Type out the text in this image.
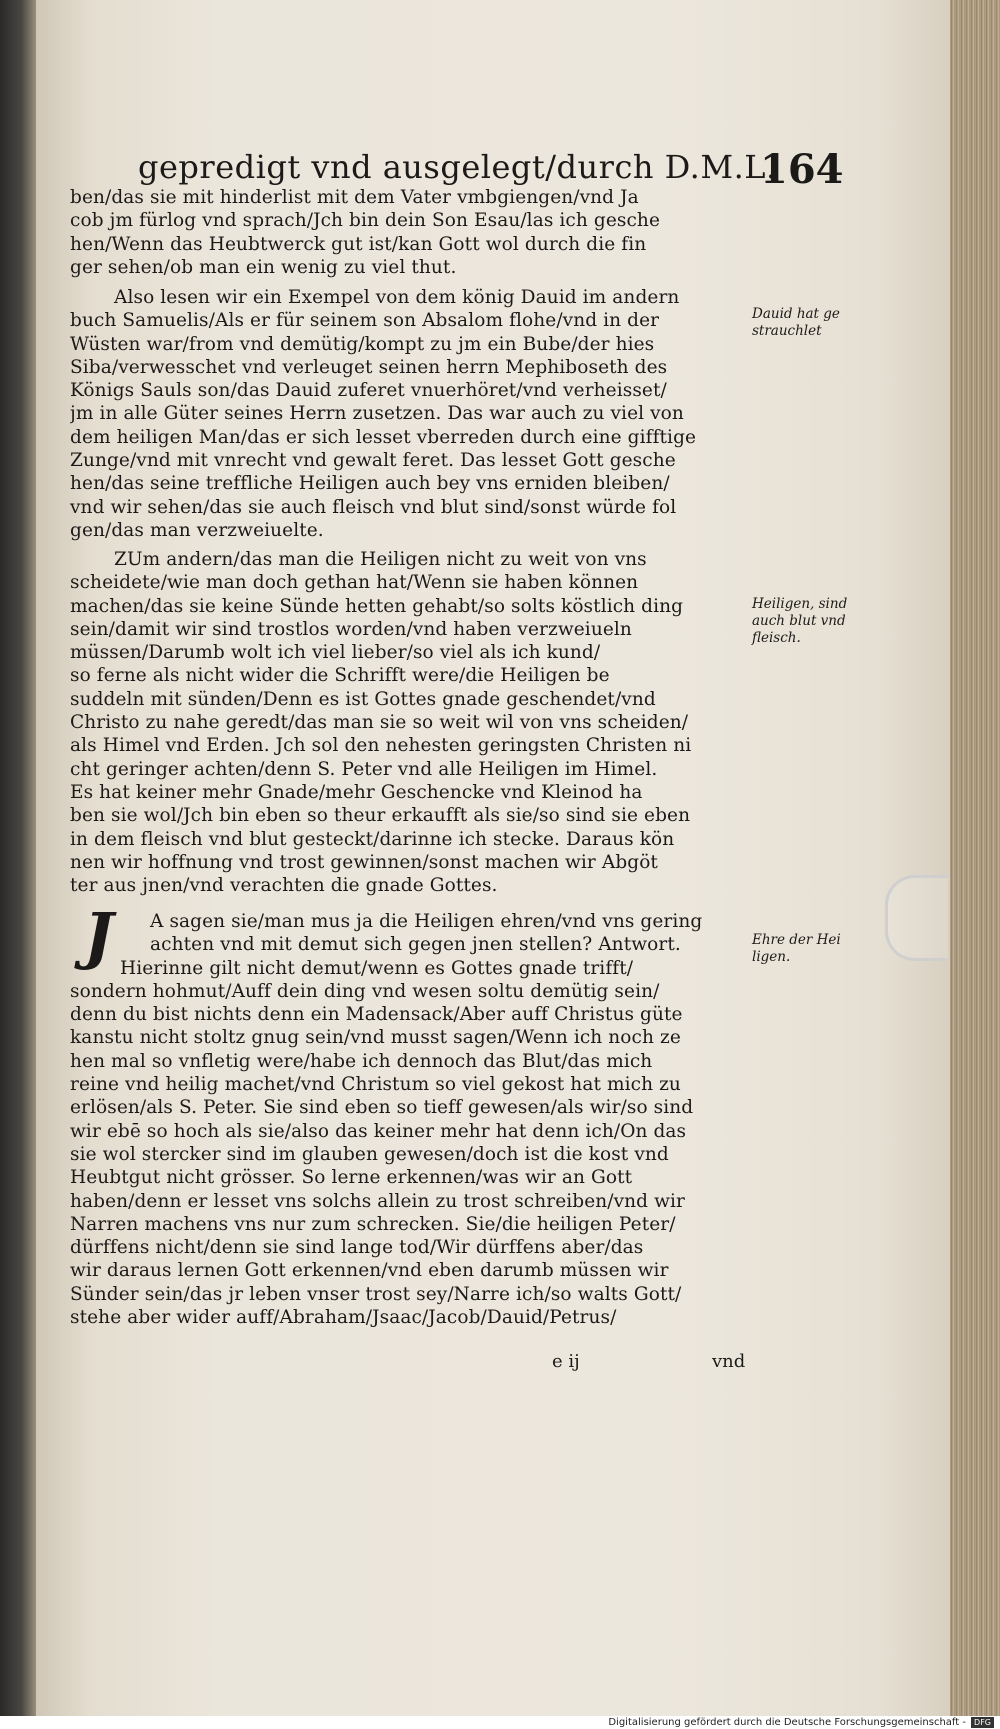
gepredigt vnd ausgelegt/durch D.M.L.
164
ben/das sie mit hinderlist mit dem Vater vmbgiengen/vnd Ja
cob jm fürlog vnd sprach/Jch bin dein Son Esau/las ich gesche
hen/Wenn das Heubtwerck gut ist/kan Gott wol durch die fin
ger sehen/ob man ein wenig zu viel thut.
Also lesen wir ein Exempel von dem könig Dauid im andern
buch Samuelis/Als er für seinem son Absalom flohe/vnd in der
Wüsten war/from vnd demütig/kompt zu jm ein Bube/der hies
Siba/verwesschet vnd verleuget seinen herrn Mephiboseth des
Königs Sauls son/das Dauid zuferet vnuerhöret/vnd verheisset/
jm in alle Güter seines Herrn zusetzen. Das war auch zu viel von
dem heiligen Man/das er sich lesset vberreden durch eine gifftige
Zunge/vnd mit vnrecht vnd gewalt feret. Das lesset Gott gesche
hen/das seine treffliche Heiligen auch bey vns erniden bleiben/
vnd wir sehen/das sie auch fleisch vnd blut sind/sonst würde fol
gen/das man verzweiuelte.
ZUm andern/das man die Heiligen nicht zu weit von vns
scheidete/wie man doch gethan hat/Wenn sie haben können
machen/das sie keine Sünde hetten gehabt/so solts köstlich ding
sein/damit wir sind trostlos worden/vnd haben verzweiueln
müssen/Darumb wolt ich viel lieber/so viel als ich kund/
so ferne als nicht wider die Schrifft were/die Heiligen be
suddeln mit sünden/Denn es ist Gottes gnade geschendet/vnd
Christo zu nahe geredt/das man sie so weit wil von vns scheiden/
als Himel vnd Erden. Jch sol den nehesten geringsten Christen ni
cht geringer achten/denn S. Peter vnd alle Heiligen im Himel.
Es hat keiner mehr Gnade/mehr Geschencke vnd Kleinod ha
ben sie wol/Jch bin eben so theur erkaufft als sie/so sind sie eben
in dem fleisch vnd blut gesteckt/darinne ich stecke. Daraus kön
nen wir hoffnung vnd trost gewinnen/sonst machen wir Abgöt
ter aus jnen/vnd verachten die gnade Gottes.
J	A sagen sie/man mus ja die Heiligen ehren/vnd vns gering
achten vnd mit demut sich gegen jnen stellen? Antwort.
Hierinne gilt nicht demut/wenn es Gottes gnade trifft/
sondern hohmut/Auff dein ding vnd wesen soltu demütig sein/
denn du bist nichts denn ein Madensack/Aber auff Christus güte
kanstu nicht stoltz gnug sein/vnd musst sagen/Wenn ich noch ze
hen mal so vnfletig were/habe ich dennoch das Blut/das mich
reine vnd heilig machet/vnd Christum so viel gekost hat mich zu
erlösen/als S. Peter. Sie sind eben so tieff gewesen/als wir/so sind
wir ebē so hoch als sie/also das keiner mehr hat denn ich/On das
sie wol stercker sind im glauben gewesen/doch ist die kost vnd
Heubtgut nicht grösser. So lerne erkennen/was wir an Gott
haben/denn er lesset vns solchs allein zu trost schreiben/vnd wir
Narren machens vns nur zum schrecken. Sie/die heiligen Peter/
dürffens nicht/denn sie sind lange tod/Wir dürffens aber/das
wir daraus lernen Gott erkennen/vnd eben darumb müssen wir
Sünder sein/das jr leben vnser trost sey/Narre ich/so walts Gott/
stehe aber wider auff/Abraham/Jsaac/Jacob/Dauid/Petrus/
e ij	vnd
Dauid hat ge strauchlet
Heiligen, sind auch blut vnd fleisch.
Ehre der Hei ligen.
Digitalisierung gefördert durch die Deutsche Forschungsgemeinschaft -	DFG
